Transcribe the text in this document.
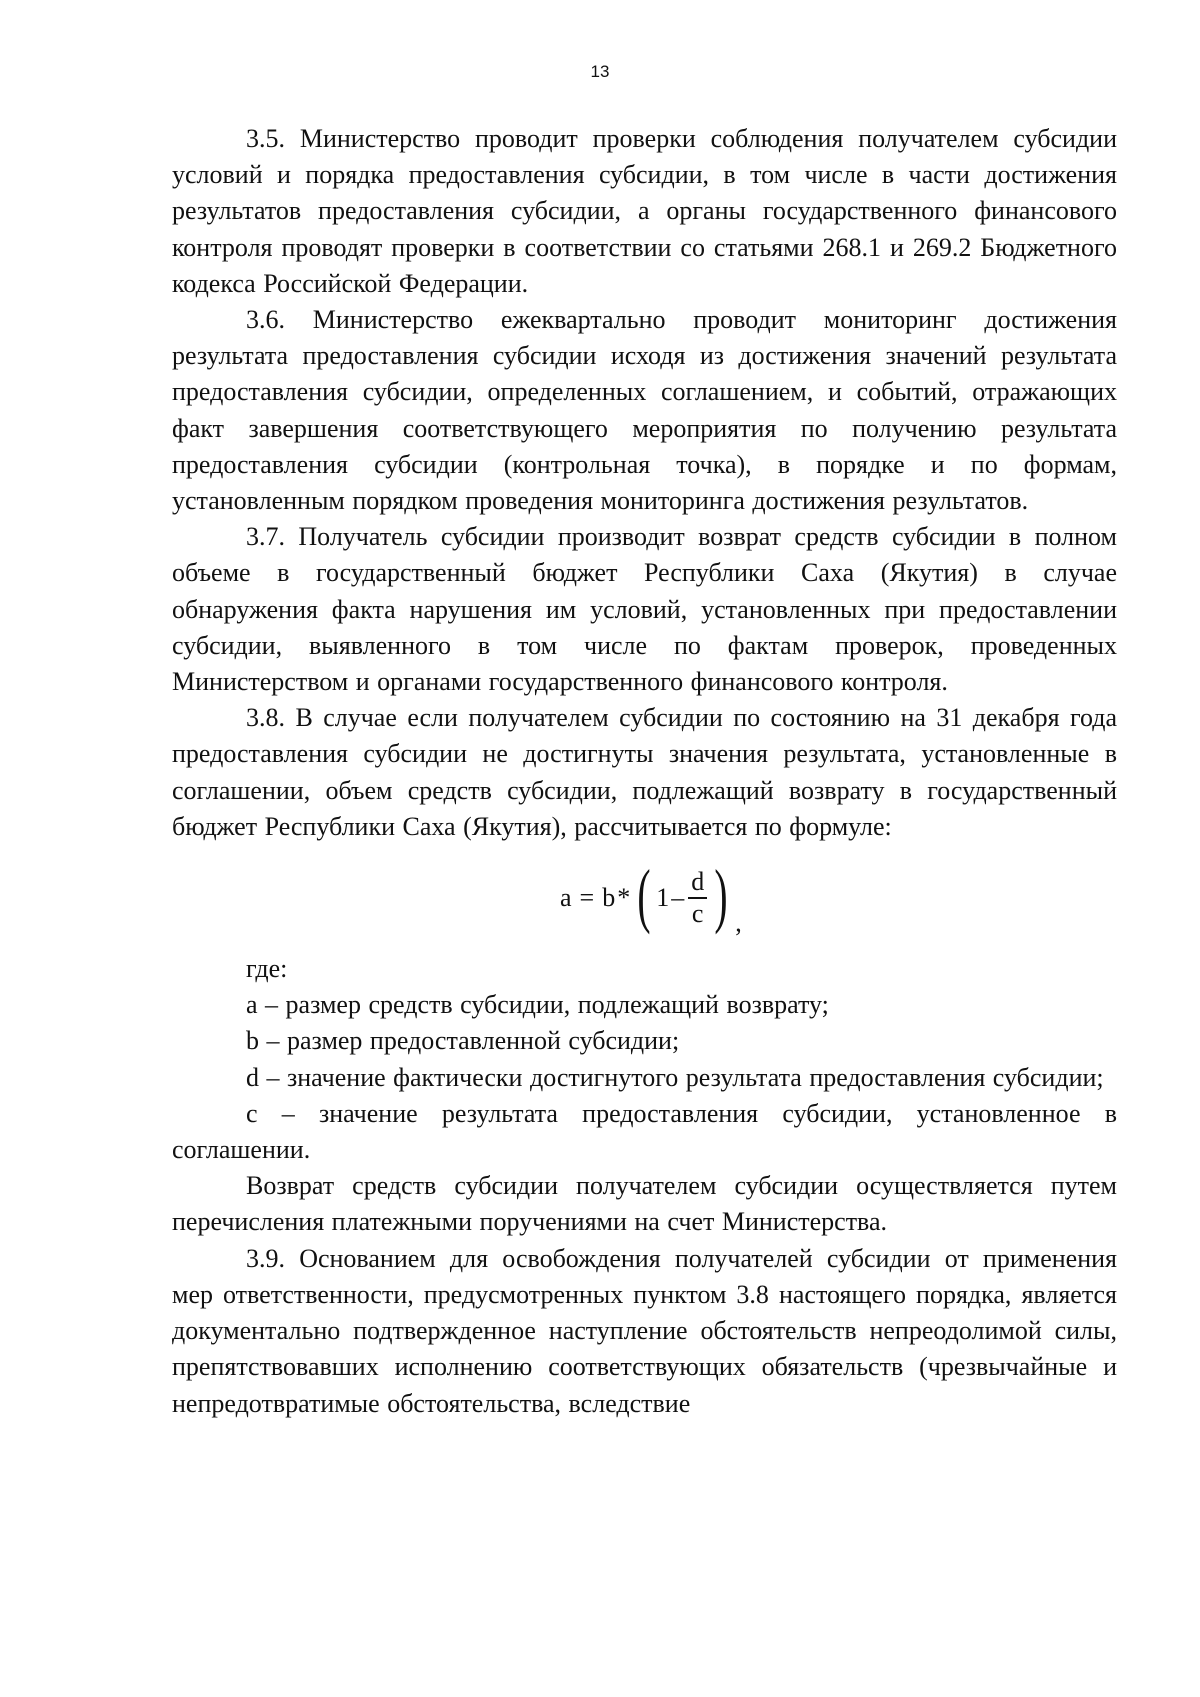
13

3.5. Министерство проводит проверки соблюдения получателем субсидии условий и порядка предоставления субсидии, в том числе в части достижения результатов предоставления субсидии, а органы государственного финансового контроля проводят проверки в соответствии со статьями 268.1 и 269.2 Бюджетного кодекса Российской Федерации.

3.6. Министерство ежеквартально проводит мониторинг достижения результата предоставления субсидии исходя из достижения значений результата предоставления субсидии, определенных соглашением, и событий, отражающих факт завершения соответствующего мероприятия по получению результата предоставления субсидии (контрольная точка), в порядке и по формам, установленным порядком проведения мониторинга достижения результатов.

3.7. Получатель субсидии производит возврат средств субсидии в полном объеме в государственный бюджет Республики Саха (Якутия) в случае обнаружения факта нарушения им условий, установленных при предоставлении субсидии, выявленного в том числе по фактам проверок, проведенных Министерством и органами государственного финансового контроля.

3.8. В случае если получателем субсидии по состоянию на 31 декабря года предоставления субсидии не достигнуты значения результата, установленные в соглашении, объем средств субсидии, подлежащий возврату в государственный бюджет Республики Саха (Якутия), рассчитывается по формуле:

a = b * ( $1 - \frac{d}{c}$ ) ,

где:

a – размер средств субсидии, подлежащий возврату;

b – размер предоставленной субсидии;

d – значение фактически достигнутого результата предоставления субсидии;

c – значение результата предоставления субсидии, установленное в соглашении.

Возврат средств субсидии получателем субсидии осуществляется путем перечисления платежными поручениями на счет Министерства.

3.9. Основанием для освобождения получателей субсидии от применения мер ответственности, предусмотренных пунктом 3.8 настоящего порядка, является документально подтвержденное наступление обстоятельств непреодолимой силы, препятствовавших исполнению соответствующих обязательств (чрезвычайные и непредотвратимые обстоятельства, вследствие
